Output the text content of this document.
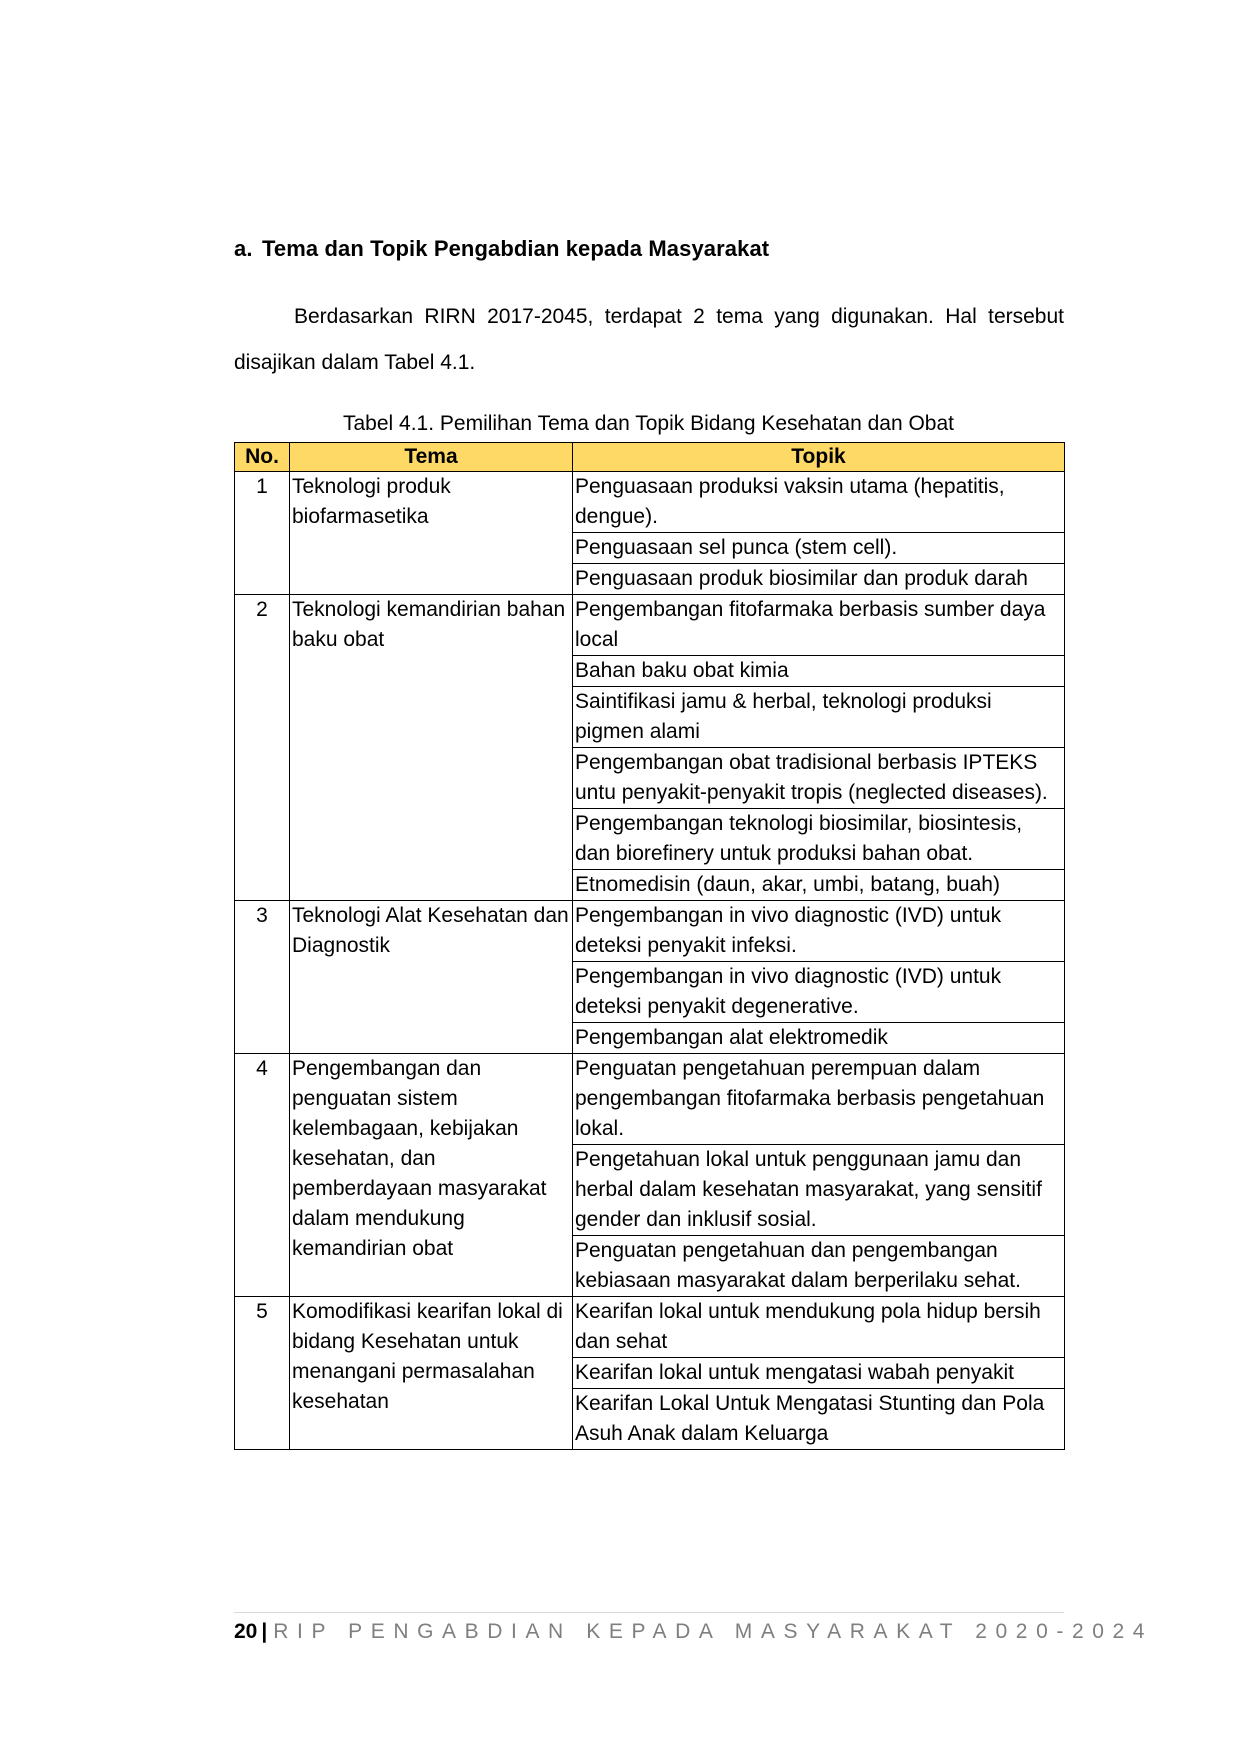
a. Tema dan Topik Pengabdian kepada Masyarakat
Berdasarkan RIRN 2017-2045, terdapat 2 tema yang digunakan. Hal tersebut disajikan dalam Tabel 4.1.
Tabel 4.1. Pemilihan Tema dan Topik Bidang Kesehatan dan Obat
No.	Tema	Topik
1	Teknologi produk biofarmasetika	Penguasaan produksi vaksin utama (hepatitis, dengue).
		Penguasaan sel punca (stem cell).
		Penguasaan produk biosimilar dan produk darah
2	Teknologi kemandirian bahan baku obat	Pengembangan fitofarmaka berbasis sumber daya local
		Bahan baku obat kimia
		Saintifikasi jamu & herbal, teknologi produksi pigmen alami
		Pengembangan obat tradisional berbasis IPTEKS untu penyakit-penyakit tropis (neglected diseases).
		Pengembangan teknologi biosimilar, biosintesis, dan biorefinery untuk produksi bahan obat.
		Etnomedisin (daun, akar, umbi, batang, buah)
3	Teknologi Alat Kesehatan dan Diagnostik	Pengembangan in vivo diagnostic (IVD) untuk deteksi penyakit infeksi.
		Pengembangan in vivo diagnostic (IVD) untuk deteksi penyakit degenerative.
		Pengembangan alat elektromedik
4	Pengembangan dan penguatan sistem kelembagaan, kebijakan kesehatan, dan pemberdayaan masyarakat dalam mendukung kemandirian obat	Penguatan pengetahuan perempuan dalam pengembangan fitofarmaka berbasis pengetahuan lokal.
		Pengetahuan lokal untuk penggunaan jamu dan herbal dalam kesehatan masyarakat, yang sensitif gender dan inklusif sosial.
		Penguatan pengetahuan dan pengembangan kebiasaan masyarakat dalam berperilaku sehat.
5	Komodifikasi kearifan lokal di bidang Kesehatan untuk menangani permasalahan kesehatan	Kearifan lokal untuk mendukung pola hidup bersih dan sehat
		Kearifan lokal untuk mengatasi wabah penyakit
		Kearifan Lokal Untuk Mengatasi Stunting dan Pola Asuh Anak dalam Keluarga
20 | RIP PENGABDIAN KEPADA MASYARAKAT 2020-2024
